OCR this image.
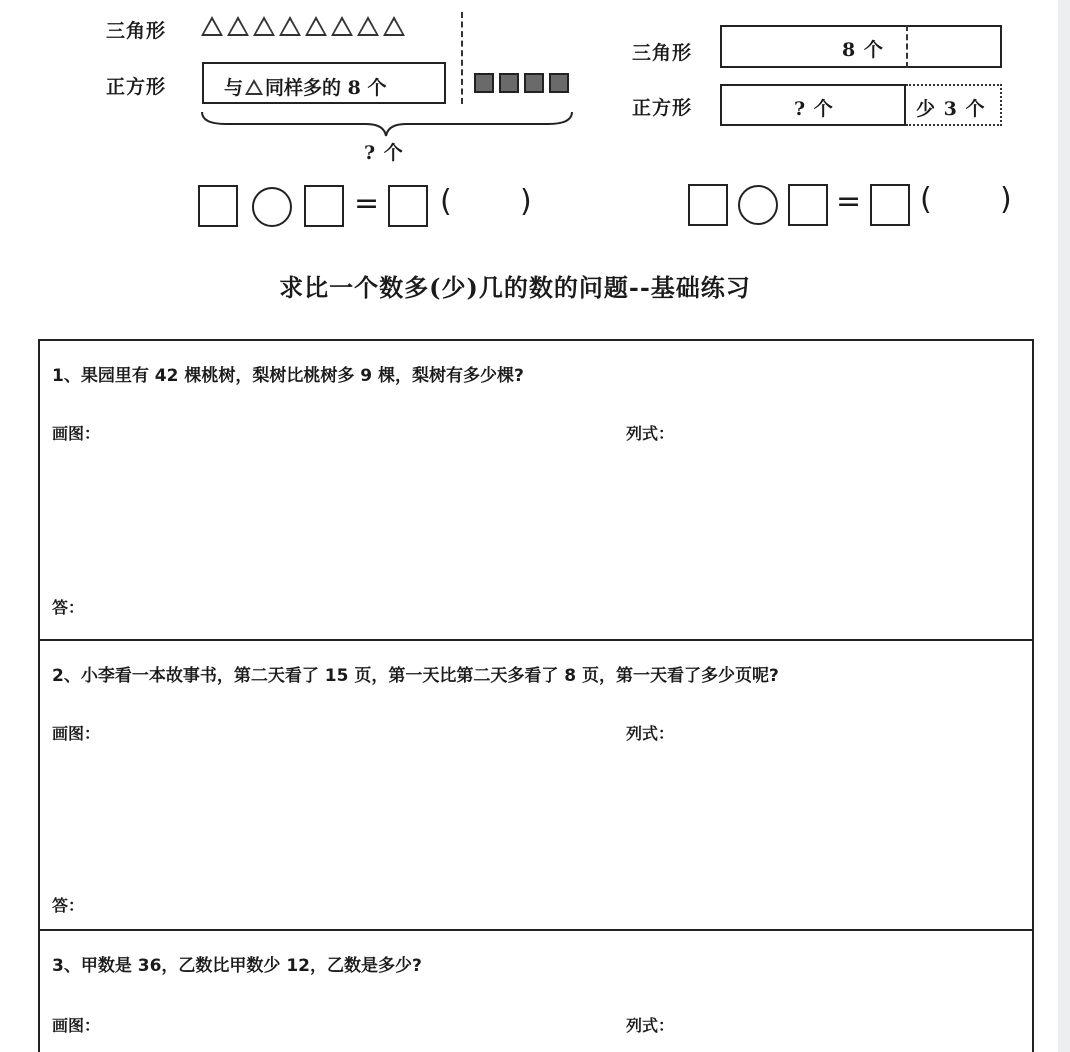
三角形
正方形	与 同样多的 8 个
? 个
三角形	8 个
正方形	? 个	少 3 个
= ( )	= ( )
求比一个数多(少)几的数的问题--基础练习
1、果园里有 42 棵桃树，梨树比桃树多 9 棵，梨树有多少棵?
画图：	列式：
答：
2、小李看一本故事书，第二天看了 15 页，第一天比第二天多看了 8 页，第一天看了多少页呢?
画图：	列式：
答：
3、甲数是 36，乙数比甲数少 12，乙数是多少?
画图：	列式：
